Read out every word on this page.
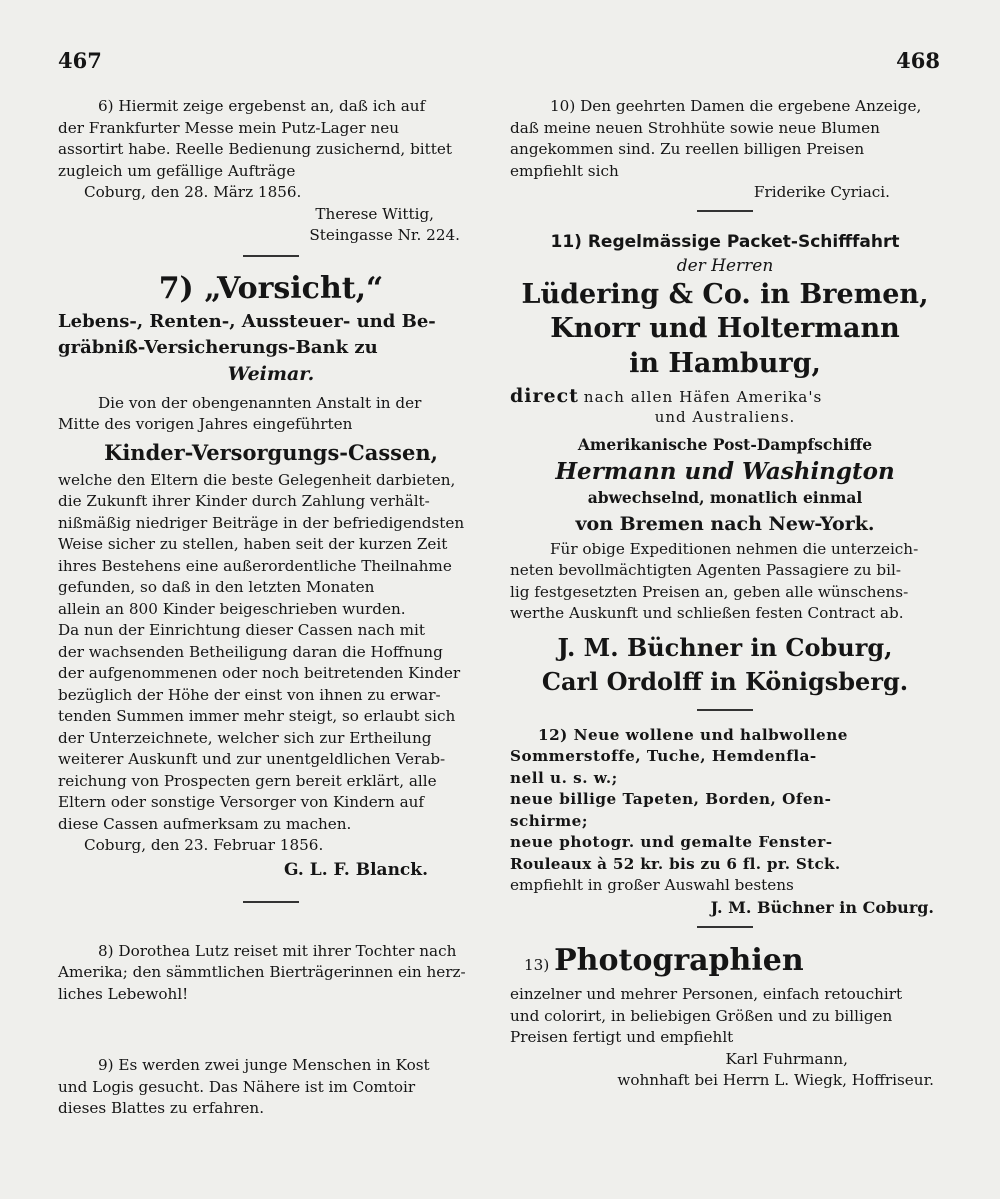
467	468

6) Hiermit zeige ergebenst an, daß ich auf

der Frankfurter Messe mein Putz-Lager neu

assortirt habe. Reelle Bedienung zusichernd, bittet

zugleich um gefällige Aufträge

Coburg, den 28. März 1856.

Therese Wittig,

Steingasse Nr. 224.

7) „Vorsicht,“

Lebens-, Renten-, Aussteuer- und Be-

gräbniß-Versicherungs-Bank zu

Weimar.

Die von der obengenannten Anstalt in der

Mitte des vorigen Jahres eingeführten

Kinder-Versorgungs-Cassen,

welche den Eltern die beste Gelegenheit darbieten,

die Zukunft ihrer Kinder durch Zahlung verhält-

nißmäßig niedriger Beiträge in der befriedigendsten

Weise sicher zu stellen, haben seit der kurzen Zeit

ihres Bestehens eine außerordentliche Theilnahme

gefunden, so daß in den letzten Monaten

allein an 800 Kinder beigeschrieben wurden.

Da nun der Einrichtung dieser Cassen nach mit

der wachsenden Betheiligung daran die Hoffnung

der aufgenommenen oder noch beitretenden Kinder

bezüglich der Höhe der einst von ihnen zu erwar-

tenden Summen immer mehr steigt, so erlaubt sich

der Unterzeichnete, welcher sich zur Ertheilung

weiterer Auskunft und zur unentgeldlichen Verab-

reichung von Prospecten gern bereit erklärt, alle

Eltern oder sonstige Versorger von Kindern auf

diese Cassen aufmerksam zu machen.

Coburg, den 23. Februar 1856.

G. L. F. Blanck.

8) Dorothea Lutz reiset mit ihrer Tochter nach

Amerika; den sämmtlichen Bierträgerinnen ein herz-

liches Lebewohl!

9) Es werden zwei junge Menschen in Kost

und Logis gesucht. Das Nähere ist im Comtoir

dieses Blattes zu erfahren.

10) Den geehrten Damen die ergebene Anzeige,

daß meine neuen Strohhüte sowie neue Blumen

angekommen sind. Zu reellen billigen Preisen

empfiehlt sich

Friderike Cyriaci.

11) Regelmässige Packet-Schifffahrt

der Herren

Lüdering & Co. in Bremen,

Knorr und Holtermann

in Hamburg,

direct nach allen Häfen Amerika's

und Australiens.

Amerikanische Post-Dampfschiffe

Hermann und Washington

abwechselnd, monatlich einmal

von Bremen nach New-York.

Für obige Expeditionen nehmen die unterzeich-

neten bevollmächtigten Agenten Passagiere zu bil-

lig festgesetzten Preisen an, geben alle wünschens-

werthe Auskunft und schließen festen Contract ab.

J. M. Büchner in Coburg,

Carl Ordolff in Königsberg.

12) Neue wollene und halbwollene

Sommerstoffe, Tuche, Hemdenfla-

nell u. s. w.;

neue billige Tapeten, Borden, Ofen-

schirme;

neue photogr. und gemalte Fenster-

Rouleaux à 52 kr. bis zu 6 fl. pr. Stck.

empfiehlt in großer Auswahl bestens

J. M. Büchner in Coburg.

13) Photographien

einzelner und mehrer Personen, einfach retouchirt

und colorirt, in beliebigen Größen und zu billigen

Preisen fertigt und empfiehlt

Karl Fuhrmann,

wohnhaft bei Herrn L. Wiegk, Hoffriseur.
